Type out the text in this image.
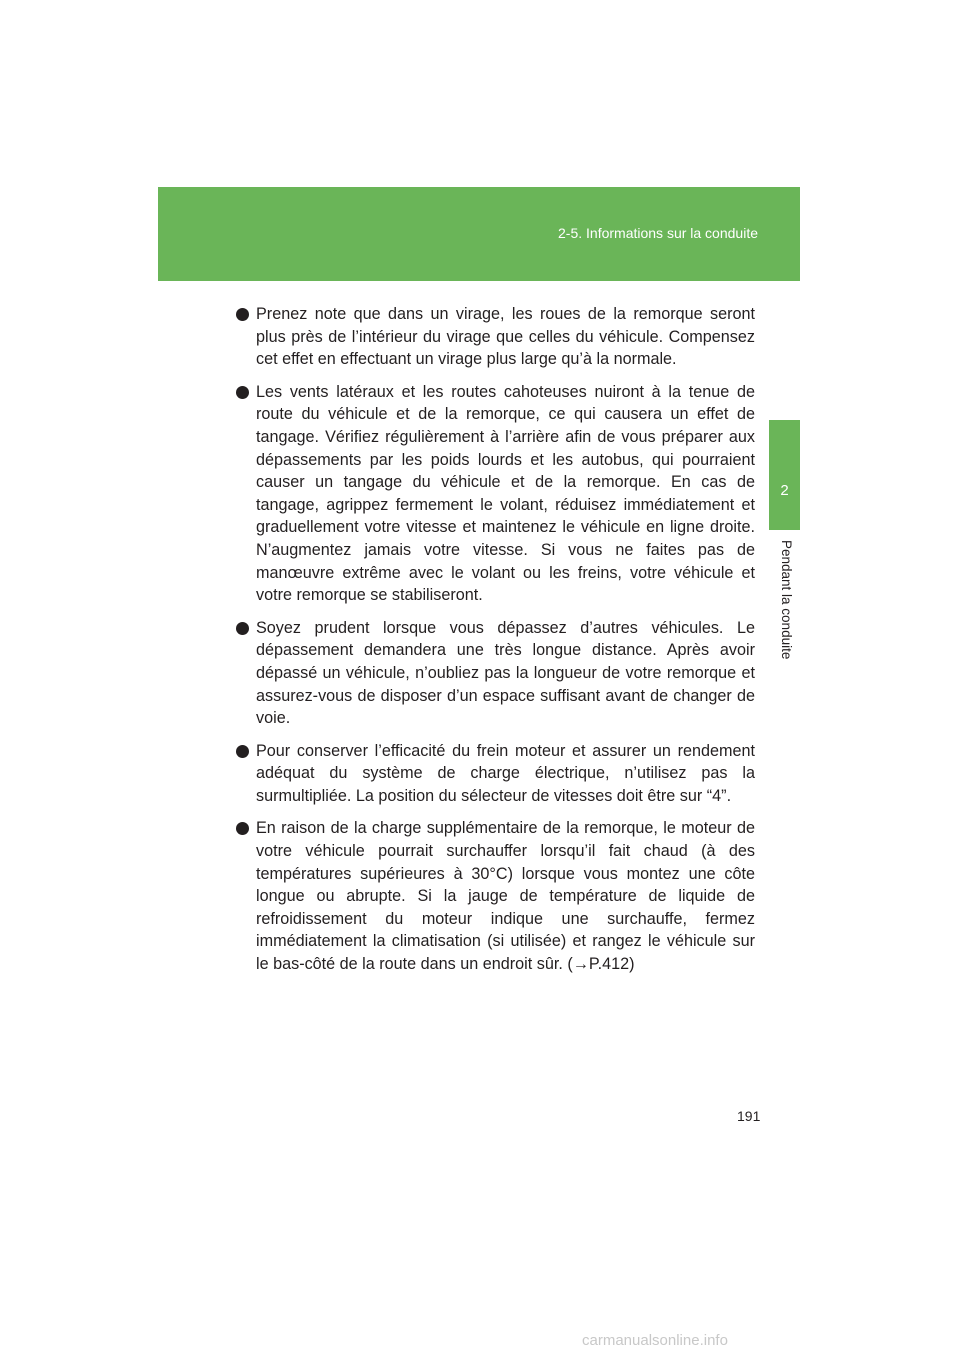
2-5. Informations sur la conduite
2
Pendant la conduite

Prenez note que dans un virage, les roues de la remorque seront plus près de l’intérieur du virage que celles du véhicule. Compensez cet effet en effectuant un virage plus large qu’à la normale.

Les vents latéraux et les routes cahoteuses nuiront à la tenue de route du véhicule et de la remorque, ce qui causera un effet de tangage. Vérifiez régulièrement à l’arrière afin de vous préparer aux dépassements par les poids lourds et les autobus, qui pourraient causer un tangage du véhicule et de la remorque. En cas de tangage, agrippez fermement le volant, réduisez immédiatement et graduellement votre vitesse et maintenez le véhicule en ligne droite. N’augmentez jamais votre vitesse. Si vous ne faites pas de manœuvre extrême avec le volant ou les freins, votre véhicule et votre remorque se stabiliseront.

Soyez prudent lorsque vous dépassez d’autres véhicules. Le dépassement demandera une très longue distance. Après avoir dépassé un véhicule, n’oubliez pas la longueur de votre remorque et assurez-vous de disposer d’un espace suffisant avant de changer de voie.

Pour conserver l’efficacité du frein moteur et assurer un rendement adéquat du système de charge électrique, n’utilisez pas la surmultipliée. La position du sélecteur de vitesses doit être sur “4”.

En raison de la charge supplémentaire de la remorque, le moteur de votre véhicule pourrait surchauffer lorsqu’il fait chaud (à des températures supérieures à 30°C) lorsque vous montez une côte longue ou abrupte. Si la jauge de température de liquide de refroidissement du moteur indique une surchauffe, fermez immédiatement la climatisation (si utilisée) et rangez le véhicule sur le bas-côté de la route dans un endroit sûr. (→P.412)

191
carmanualsonline.info
